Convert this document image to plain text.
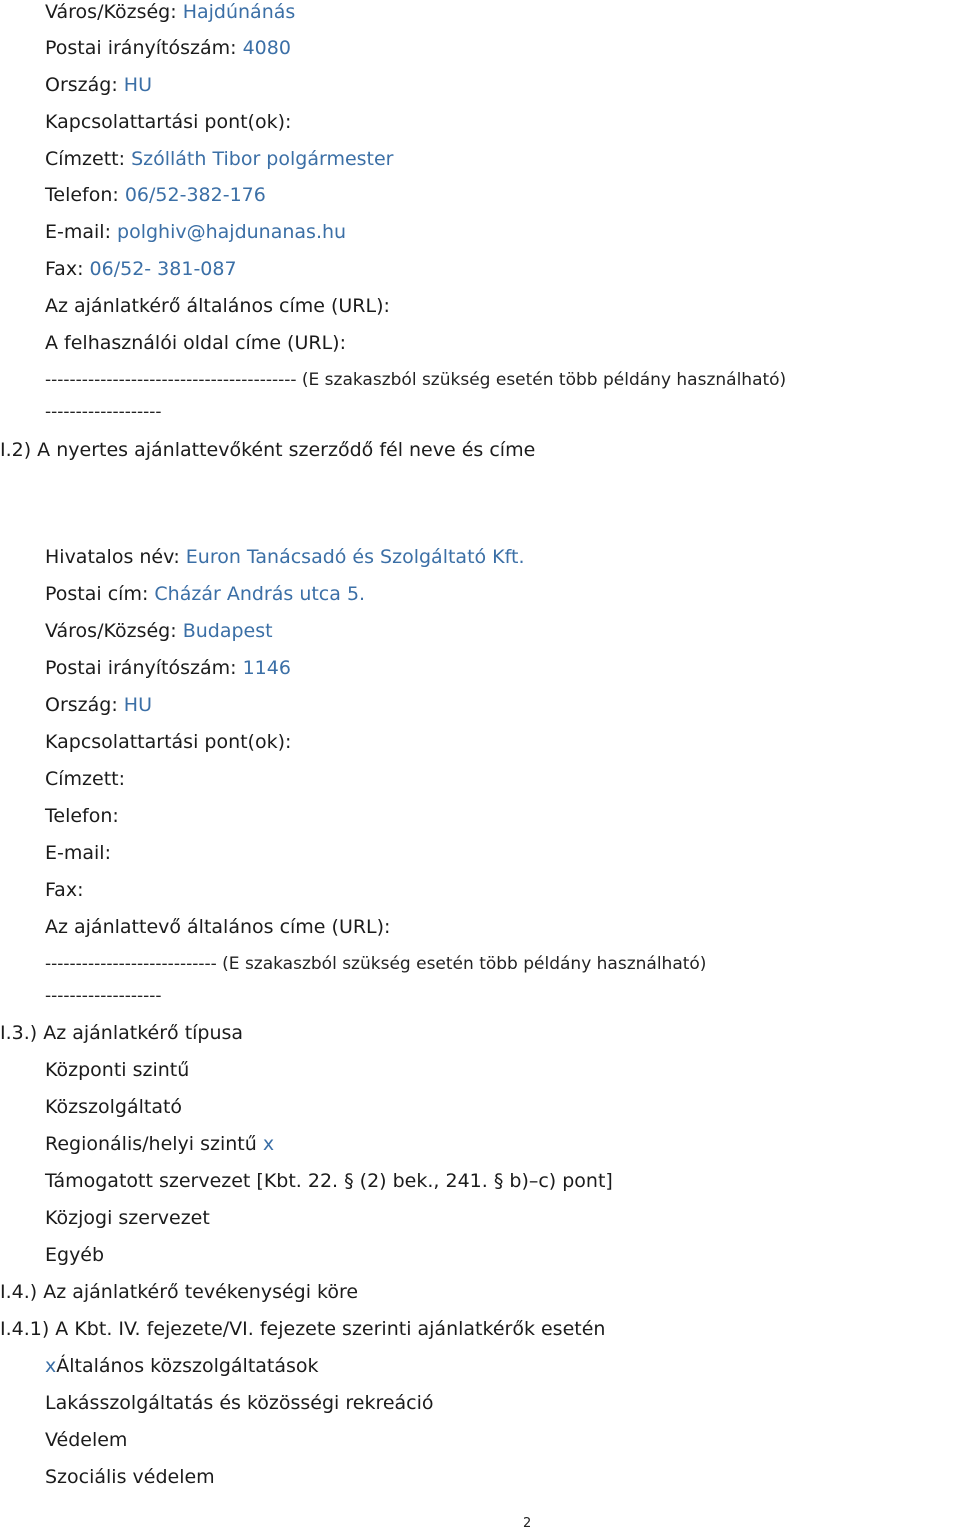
Város/Község: Hajdúnánás
Postai irányítószám: 4080
Ország: HU
Kapcsolattartási pont(ok):
Címzett: Szólláth Tibor polgármester
Telefon: 06/52-382-176
E-mail: polghiv@hajdunanas.hu
Fax: 06/52- 381-087
Az ajánlatkérő általános címe (URL):
A felhasználói oldal címe (URL):
----------------------------------------- (E szakaszból szükség esetén több példány használható)
-------------------
I.2) A nyertes ajánlattevőként szerződő fél neve és címe
Hivatalos név: Euron Tanácsadó és Szolgáltató Kft.
Postai cím: Cházár András utca 5.
Város/Község: Budapest
Postai irányítószám: 1146
Ország: HU
Kapcsolattartási pont(ok):
Címzett:
Telefon:
E-mail:
Fax:
Az ajánlattevő általános címe (URL):
---------------------------- (E szakaszból szükség esetén több példány használható)
-------------------
I.3.) Az ajánlatkérő típusa
Központi szintű
Közszolgáltató
Regionális/helyi szintű x
Támogatott szervezet [Kbt. 22. § (2) bek., 241. § b)–c) pont]
Közjogi szervezet
Egyéb
I.4.) Az ajánlatkérő tevékenységi köre
I.4.1) A Kbt. IV. fejezete/VI. fejezete szerinti ajánlatkérők esetén
xÁltalános közszolgáltatások
Lakásszolgáltatás és közösségi rekreáció
Védelem
Szociális védelem
2
